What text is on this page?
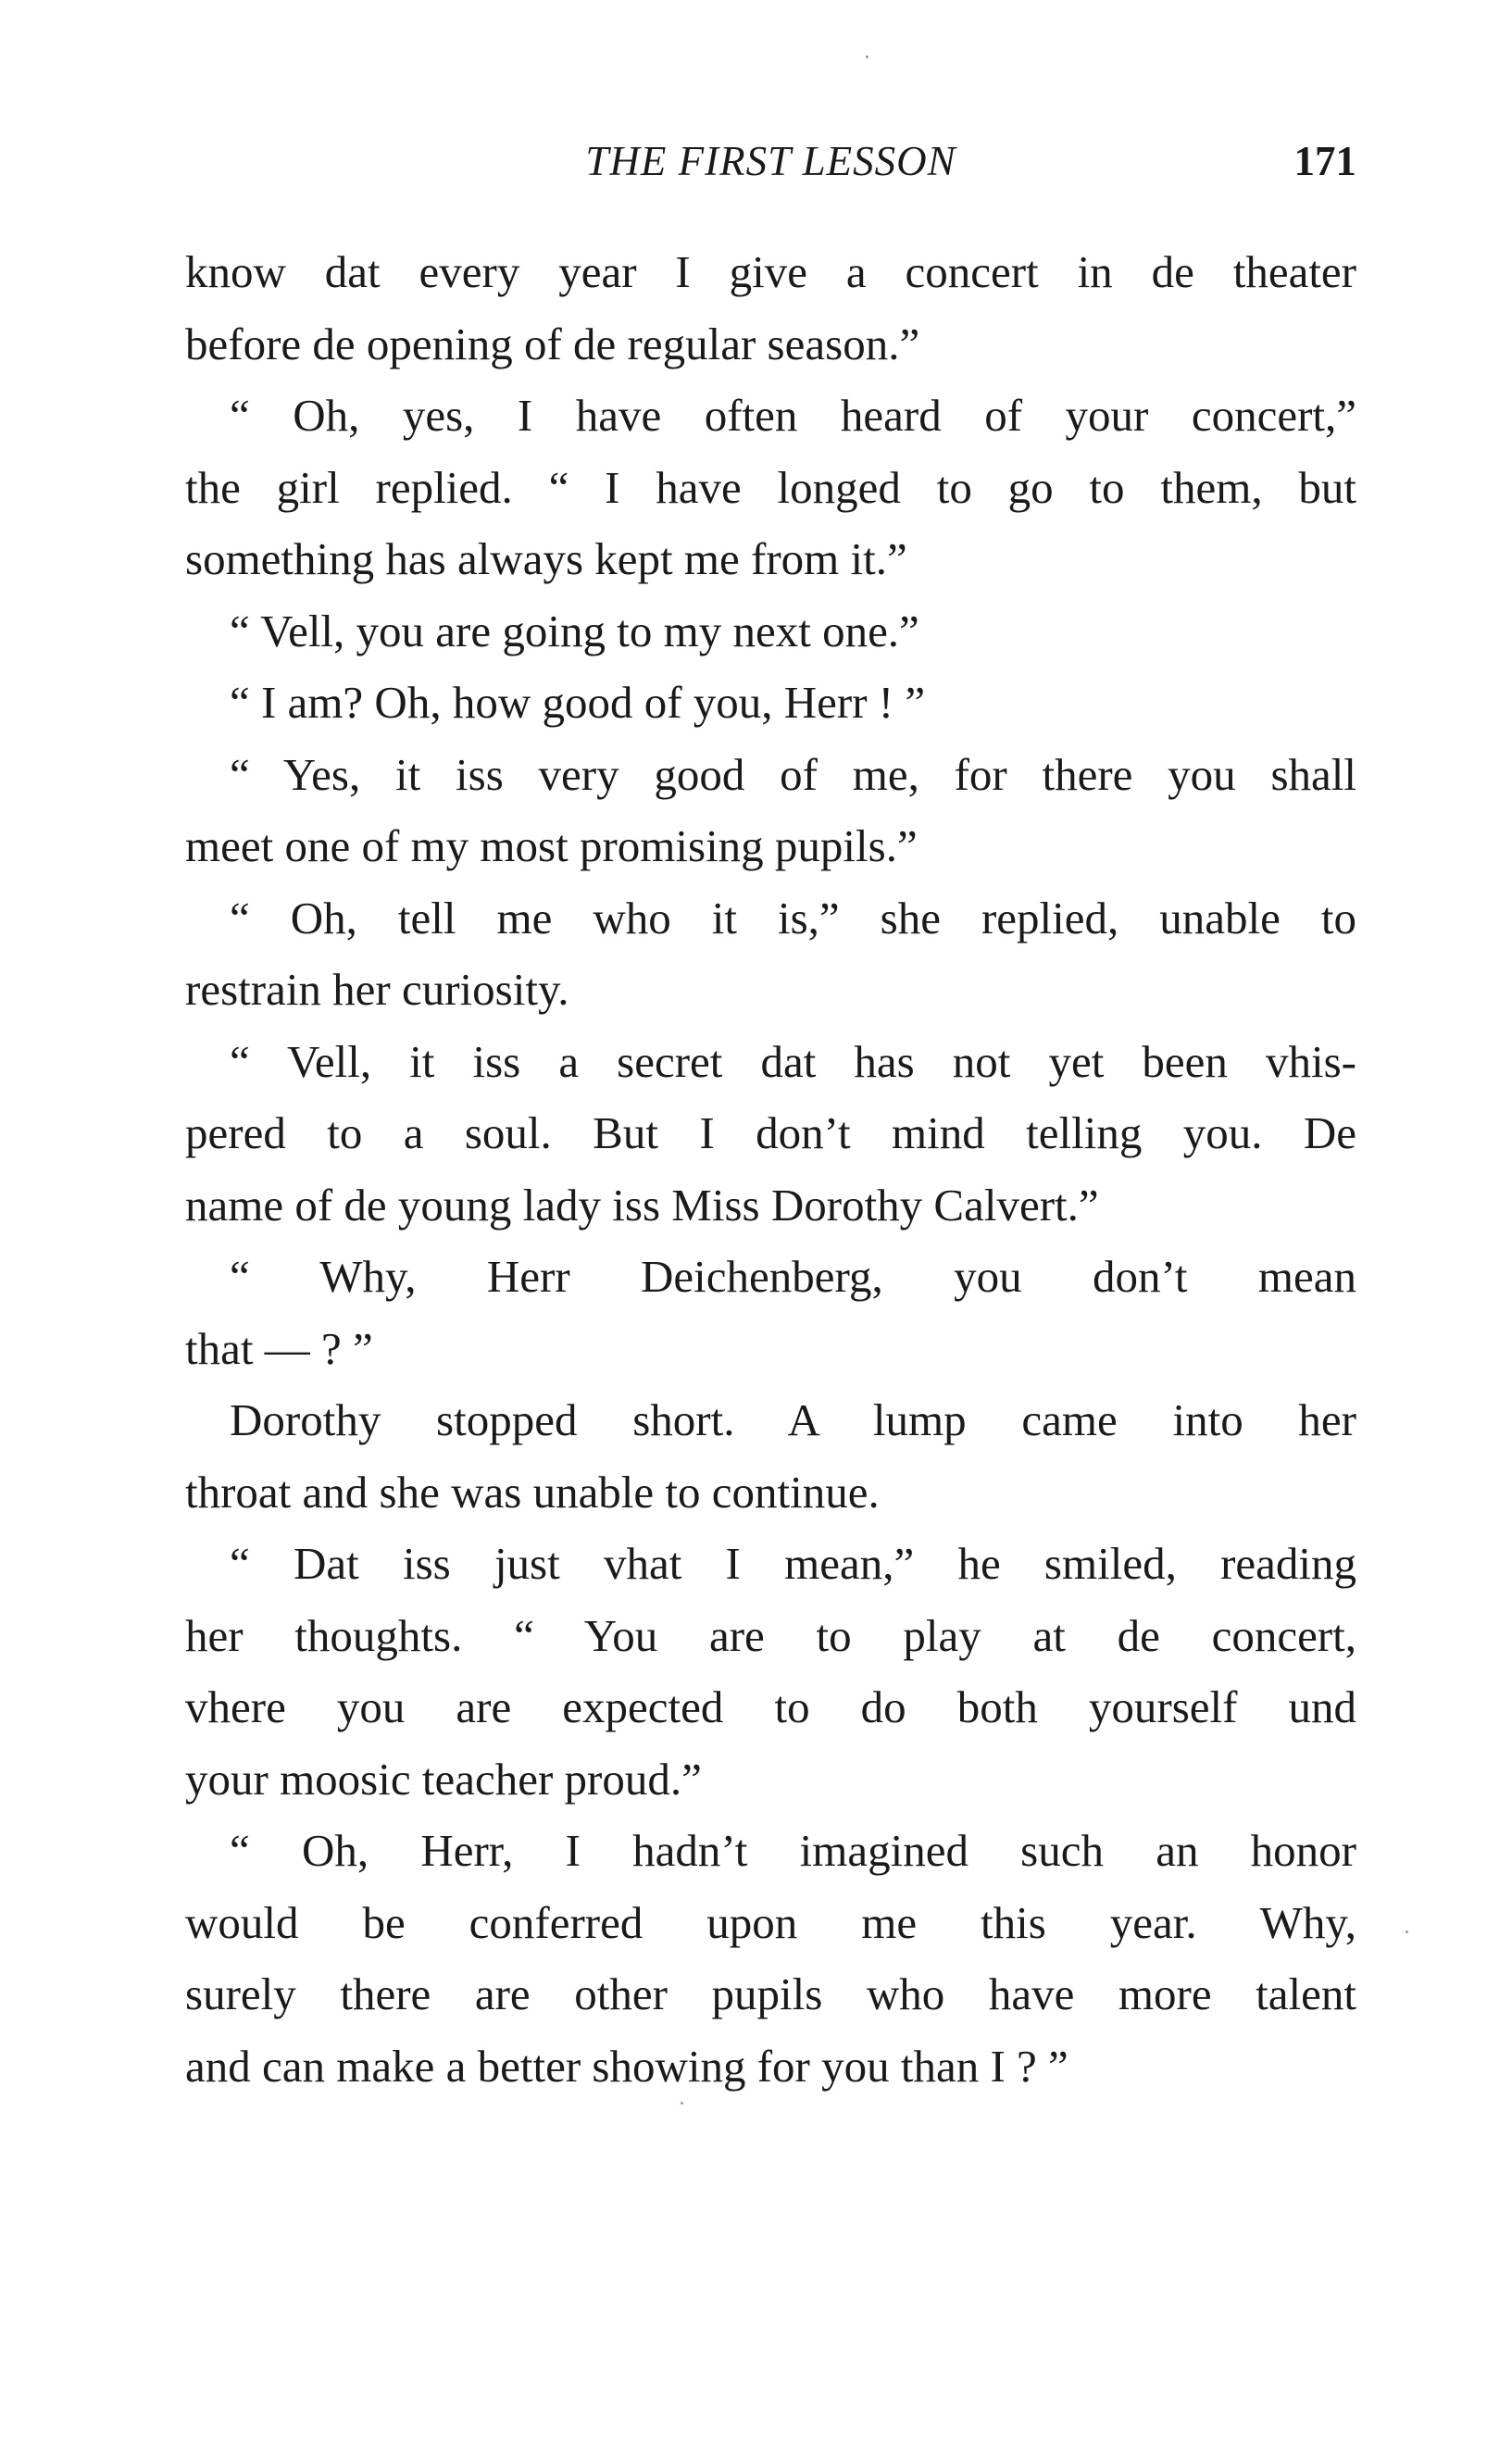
THE FIRST LESSON	171
know dat every year I give a concert in de theater
before de opening of de regular season.”
“ Oh, yes, I have often heard of your concert,”
the girl replied. “ I have longed to go to them, but
something has always kept me from it.”
“ Vell, you are going to my next one.”
“ I am? Oh, how good of you, Herr ! ”
“ Yes, it iss very good of me, for there you shall
meet one of my most promising pupils.”
“ Oh, tell me who it is,” she replied, unable to
restrain her curiosity.
“ Vell, it iss a secret dat has not yet been vhis-
pered to a soul. But I don’t mind telling you. De
name of de young lady iss Miss Dorothy Calvert.”
“ Why, Herr Deichenberg, you don’t mean
that — ? ”
Dorothy stopped short. A lump came into her
throat and she was unable to continue.
“ Dat iss just vhat I mean,” he smiled, reading
her thoughts. “ You are to play at de concert,
vhere you are expected to do both yourself und
your moosic teacher proud.”
“ Oh, Herr, I hadn’t imagined such an honor
would be conferred upon me this year. Why,
surely there are other pupils who have more talent
and can make a better showing for you than I ? ”
